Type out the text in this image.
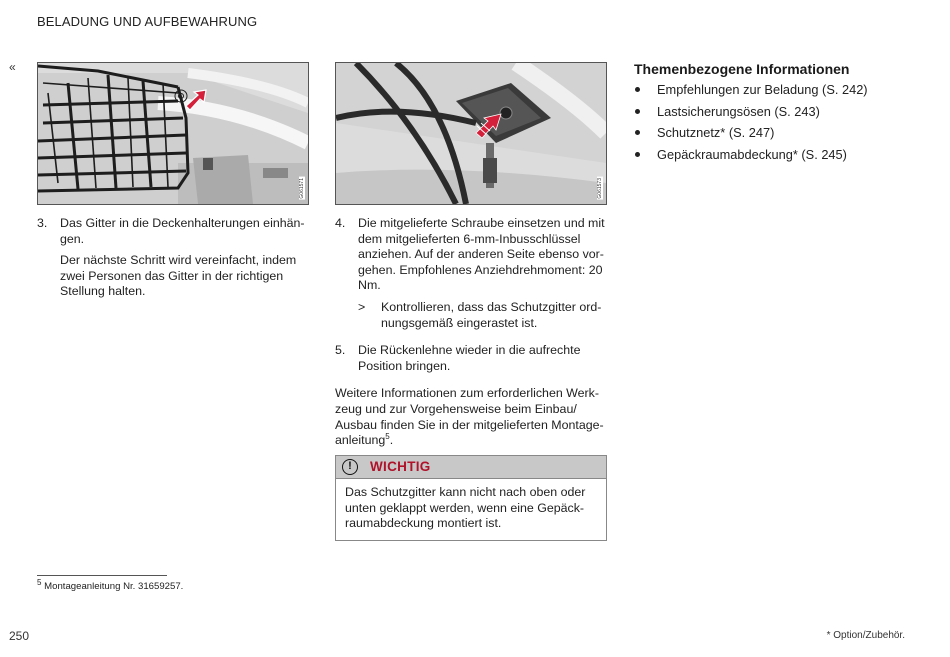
BELADUNG UND AUFBEWAHRUNG
«
G061571	G061573
3. Das Gitter in die Deckenhalterungen einhän-gen.
Der nächste Schritt wird vereinfacht, indem zwei Personen das Gitter in der richtigen Stellung halten.
4. Die mitgelieferte Schraube einsetzen und mit dem mitgelieferten 6-mm-Inbusschlüssel anziehen. Auf der anderen Seite ebenso vor-gehen. Empfohlenes Anziehdrehmoment: 20 Nm.
> Kontrollieren, dass das Schutzgitter ord-nungsgemäß eingerastet ist.
5. Die Rückenlehne wieder in die aufrechte Position bringen.

Weitere Informationen zum erforderlichen Werk-zeug und zur Vorgehensweise beim Einbau/ Ausbau finden Sie in der mitgelieferten Montage-anleitung$^5$.

!	WICHTIG
Das Schutzgitter kann nicht nach oben oder unten geklappt werden, wenn eine Gepäck-raumabdeckung montiert ist.
Themenbezogene Informationen
Empfehlungen zur Beladung (S. 242)
Lastsicherungsösen (S. 243)
Schutznetz* (S. 247)
Gepäckraumabdeckung* (S. 245)
$^5$ Montageanleitung Nr. 31659257.
250	* Option/Zubehör.
